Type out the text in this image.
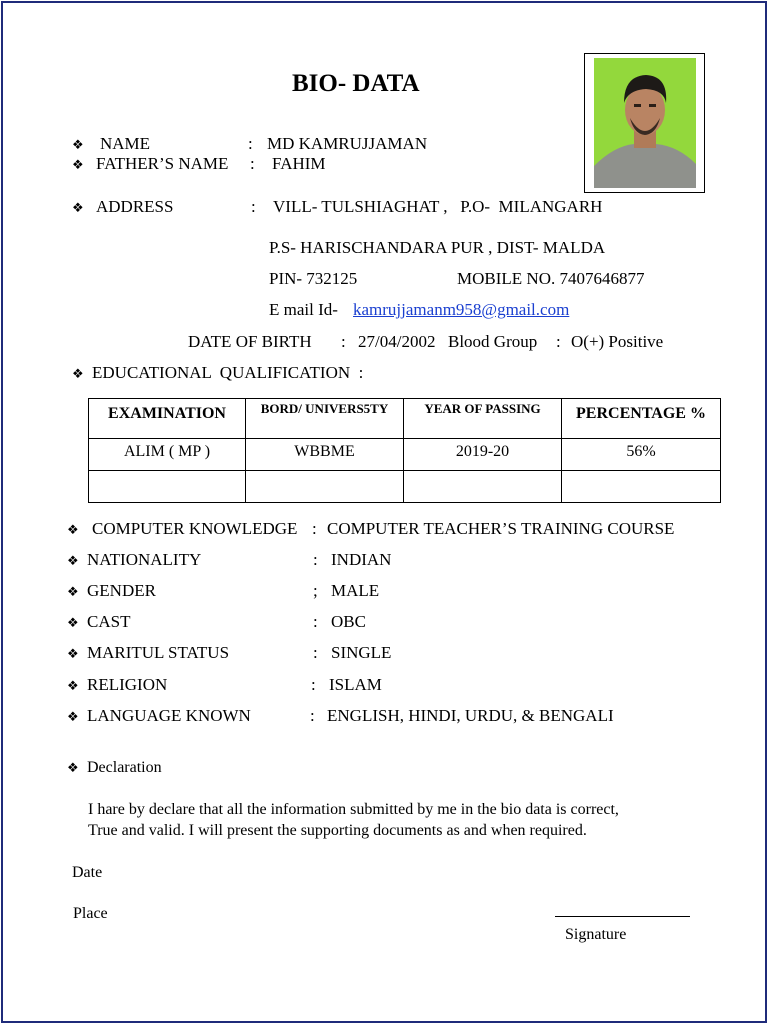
BIO- DATA
❖ NAME	: MD KAMRUJJAMAN
❖ FATHER’S NAME : FAHIM
❖ ADDRESS	: VILL- TULSHIAGHAT ,   P.O-  MILANGARH
P.S- HARISCHANDARA PUR , DIST- MALDA
PIN- 732125	MOBILE NO. 7407646877
E mail Id- kamrujjamanm958@gmail.com
DATE OF BIRTH : 27/04/2002 Blood Group : O(+) Positive
❖ EDUCATIONAL  QUALIFICATION  :
EXAMINATION	BORD/ UNIVERS5TY	YEAR OF PASSING	PERCENTAGE %
ALIM ( MP )	WBBME	2019-20	56%

❖ COMPUTER KNOWLEDGE : COMPUTER TEACHER’S TRAINING COURSE
❖ NATIONALITY	: INDIAN
❖ GENDER	; MALE
❖ CAST	: OBC
❖ MARITUL STATUS	: SINGLE
❖ RELIGION	: ISLAM
❖ LANGUAGE KNOWN	: ENGLISH, HINDI, URDU, & BENGALI
❖ Declaration
I hare by declare that all the information submitted by me in the bio data is correct,
True and valid. I will present the supporting documents as and when required.
Date
Place
Signature
